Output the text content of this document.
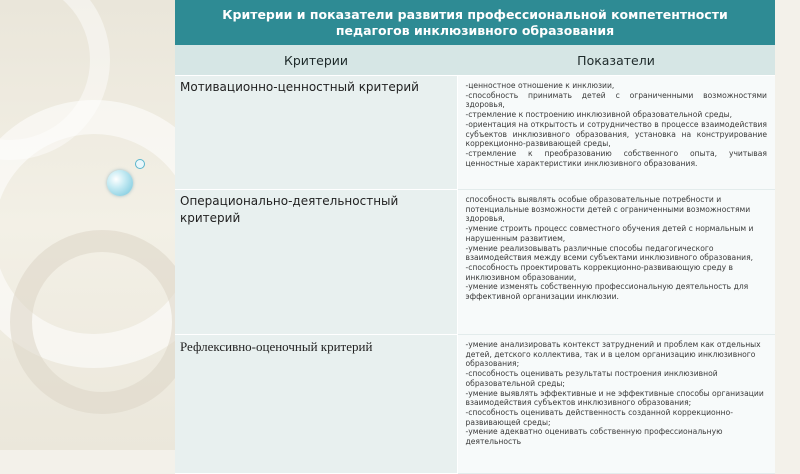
Критерии и показатели развития профессиональной компетентности педагогов инклюзивного образования
Критерии	Показатели
Мотивационно-ценностный критерий	-ценностное отношение к инклюзии,
-способность принимать детей с ограниченными возможностями здоровья,
-стремление к построению инклюзивной образовательной среды,
-ориентация на открытость и сотрудничество в процессе взаимодействия субъектов инклюзивного образования, установка на конструирование коррекционно-развивающей среды,
-стремление к преобразованию собственного опыта, учитывая ценностные характеристики инклюзивного образования.

Операционально-деятельностный критерий	способность выявлять особые образовательные потребности и потенциальные возможности детей с ограниченными возможностями здоровья,
-умение строить процесс совместного обучения детей с нормальным и нарушенным развитием,
-умение реализовывать различные способы педагогического взаимодействия между всеми субъектами инклюзивного образования,
-способность проектировать коррекционно-развивающую среду в инклюзивном образовании,
-умение изменять собственную профессиональную деятельность для эффективной организации инклюзии.

Рефлексивно-оценочный критерий	-умение анализировать контекст затруднений и проблем как отдельных детей, детского коллектива, так и в целом организацию инклюзивного образования;
-способность оценивать результаты построения инклюзивной образовательной среды;
-умение выявлять эффективные и не эффективные способы организации взаимодействия субъектов инклюзивного образования;
-способность оценивать действенность созданной коррекционно-развивающей среды;
-умение адекватно оценивать собственную профессиональную деятельность
